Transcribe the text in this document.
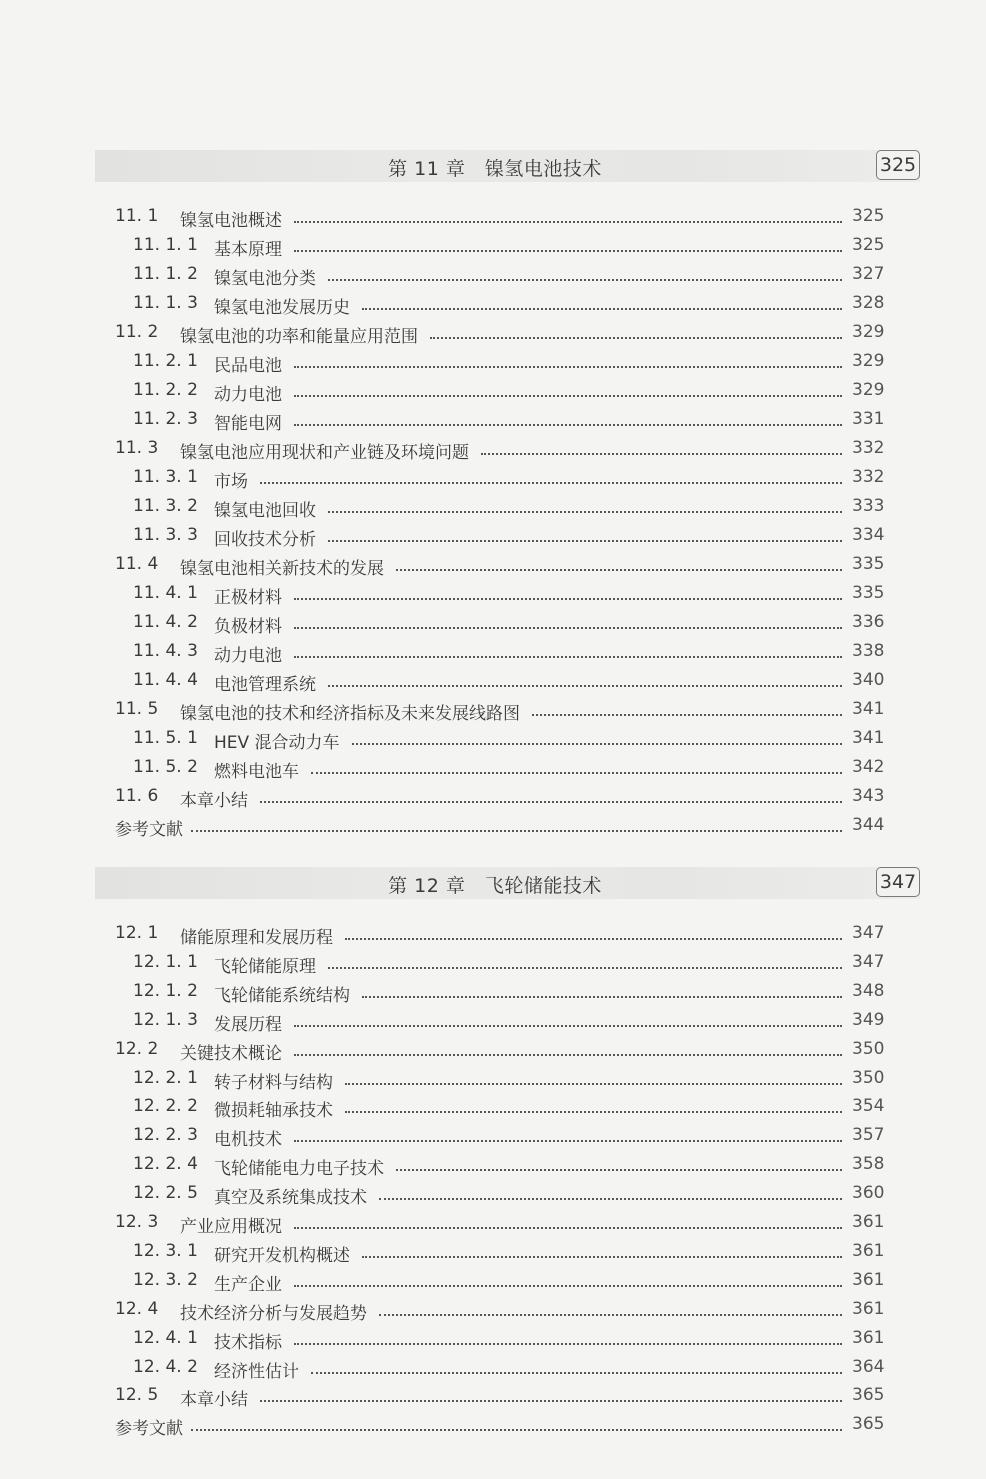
第 11 章　镍氢电池技术	325
11. 1 镍氢电池概述	325
11. 1. 1 基本原理	325
11. 1. 2 镍氢电池分类	327
11. 1. 3 镍氢电池发展历史	328
11. 2 镍氢电池的功率和能量应用范围	329
11. 2. 1 民品电池	329
11. 2. 2 动力电池	329
11. 2. 3 智能电网	331
11. 3 镍氢电池应用现状和产业链及环境问题	332
11. 3. 1 市场	332
11. 3. 2 镍氢电池回收	333
11. 3. 3 回收技术分析	334
11. 4 镍氢电池相关新技术的发展	335
11. 4. 1 正极材料	335
11. 4. 2 负极材料	336
11. 4. 3 动力电池	338
11. 4. 4 电池管理系统	340
11. 5 镍氢电池的技术和经济指标及未来发展线路图	341
11. 5. 1 HEV 混合动力车	341
11. 5. 2 燃料电池车	342
11. 6 本章小结	343
参考文献	344
第 12 章　飞轮储能技术	347
12. 1 储能原理和发展历程	347
12. 1. 1 飞轮储能原理	347
12. 1. 2 飞轮储能系统结构	348
12. 1. 3 发展历程	349
12. 2 关键技术概论	350
12. 2. 1 转子材料与结构	350
12. 2. 2 微损耗轴承技术	354
12. 2. 3 电机技术	357
12. 2. 4 飞轮储能电力电子技术	358
12. 2. 5 真空及系统集成技术	360
12. 3 产业应用概况	361
12. 3. 1 研究开发机构概述	361
12. 3. 2 生产企业	361
12. 4 技术经济分析与发展趋势	361
12. 4. 1 技术指标	361
12. 4. 2 经济性估计	364
12. 5 本章小结	365
参考文献	365
